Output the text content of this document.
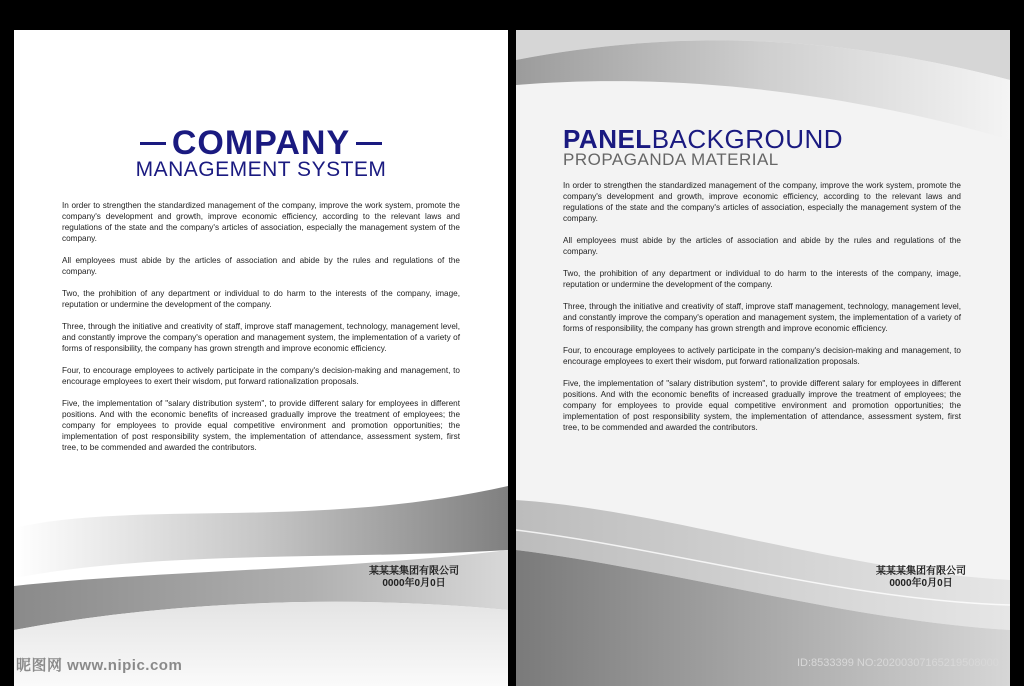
COMPANY
MANAGEMENT SYSTEM

In order to strengthen the standardized management of the company, improve the work system, promote the company's development and growth, improve economic efficiency, according to the relevant laws and regulations of the state and the company's articles of association, especially the management system of the company.

All employees must abide by the articles of association and abide by the rules and regulations of the company.

Two, the prohibition of any department or individual to do harm to the interests of the company, image, reputation or undermine the development of the company.

Three, through the initiative and creativity of staff, improve staff management, technology, management level, and constantly improve the company's operation and management system, the implementation of a variety of forms of responsibility, the company has grown strength and improve economic efficiency.

Four, to encourage employees to actively participate in the company's decision-making and management, to encourage employees to exert their wisdom, put forward rationalization proposals.

Five, the implementation of "salary distribution system", to provide different salary for employees in different positions. And with the economic benefits of increased gradually improve the treatment of employees; the company for employees to provide equal competitive environment and promotion opportunities; the implementation of post responsibility system, the implementation of attendance, assessment system, first tree, to be commended and awarded the contributors.

某某某集团有限公司
0000年0月0日
PANELBACKGROUND
PROPAGANDA MATERIAL

In order to strengthen the standardized management of the company, improve the work system, promote the company's development and growth, improve economic efficiency, according to the relevant laws and regulations of the state and the company's articles of association, especially the management system of the company.

All employees must abide by the articles of association and abide by the rules and regulations of the company.

Two, the prohibition of any department or individual to do harm to the interests of the company, image, reputation or undermine the development of the company.

Three, through the initiative and creativity of staff, improve staff management, technology, management level, and constantly improve the company's operation and management system, the implementation of a variety of forms of responsibility, the company has grown strength and improve economic efficiency.

Four, to encourage employees to actively participate in the company's decision-making and management, to encourage employees to exert their wisdom, put forward rationalization proposals.

Five, the implementation of "salary distribution system", to provide different salary for employees in different positions. And with the economic benefits of increased gradually improve the treatment of employees; the company for employees to provide equal competitive environment and promotion opportunities; the implementation of post responsibility system, the implementation of attendance, assessment system, first tree, to be commended and awarded the contributors.

某某某集团有限公司
0000年0月0日
昵图网 www.nipic.com	ID:8533399 NO:20200307165219508000
